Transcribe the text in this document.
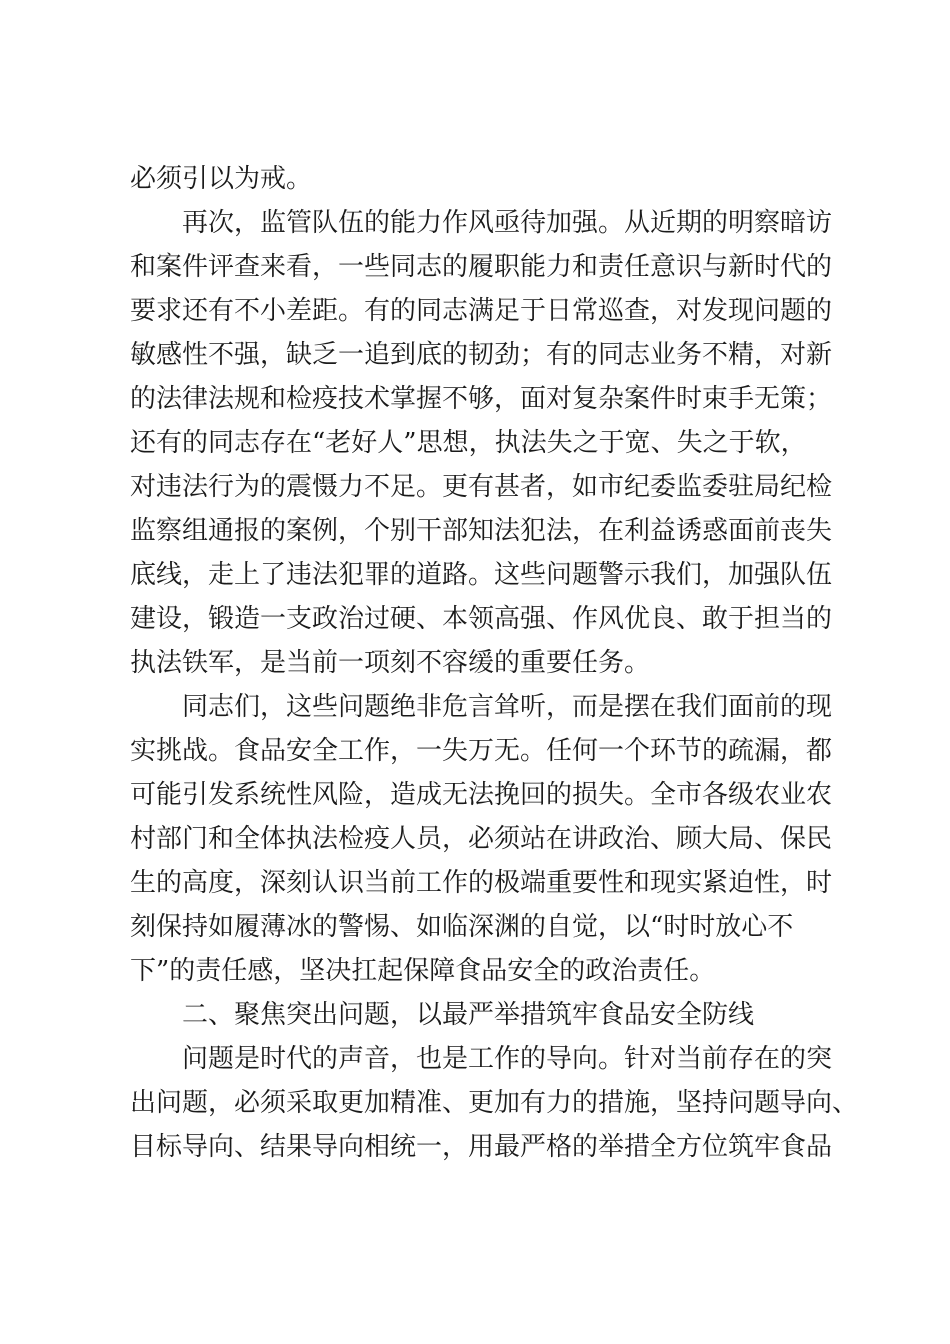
必须引以为戒。
再次，监管队伍的能力作风亟待加强。从近期的明察暗访
和案件评查来看，一些同志的履职能力和责任意识与新时代的
要求还有不小差距。有的同志满足于日常巡查，对发现问题的
敏感性不强，缺乏一追到底的韧劲；有的同志业务不精，对新
的法律法规和检疫技术掌握不够，面对复杂案件时束手无策；
还有的同志存在“老好人”思想，执法失之于宽、失之于软，
对违法行为的震慑力不足。更有甚者，如市纪委监委驻局纪检
监察组通报的案例，个别干部知法犯法，在利益诱惑面前丧失
底线，走上了违法犯罪的道路。这些问题警示我们，加强队伍
建设，锻造一支政治过硬、本领高强、作风优良、敢于担当的
执法铁军，是当前一项刻不容缓的重要任务。
同志们，这些问题绝非危言耸听，而是摆在我们面前的现
实挑战。食品安全工作，一失万无。任何一个环节的疏漏，都
可能引发系统性风险，造成无法挽回的损失。全市各级农业农
村部门和全体执法检疫人员，必须站在讲政治、顾大局、保民
生的高度，深刻认识当前工作的极端重要性和现实紧迫性，时
刻保持如履薄冰的警惕、如临深渊的自觉，以“时时放心不
下”的责任感，坚决扛起保障食品安全的政治责任。
二、聚焦突出问题，以最严举措筑牢食品安全防线
问题是时代的声音，也是工作的导向。针对当前存在的突
出问题，必须采取更加精准、更加有力的措施，坚持问题导向、
目标导向、结果导向相统一，用最严格的举措全方位筑牢食品
